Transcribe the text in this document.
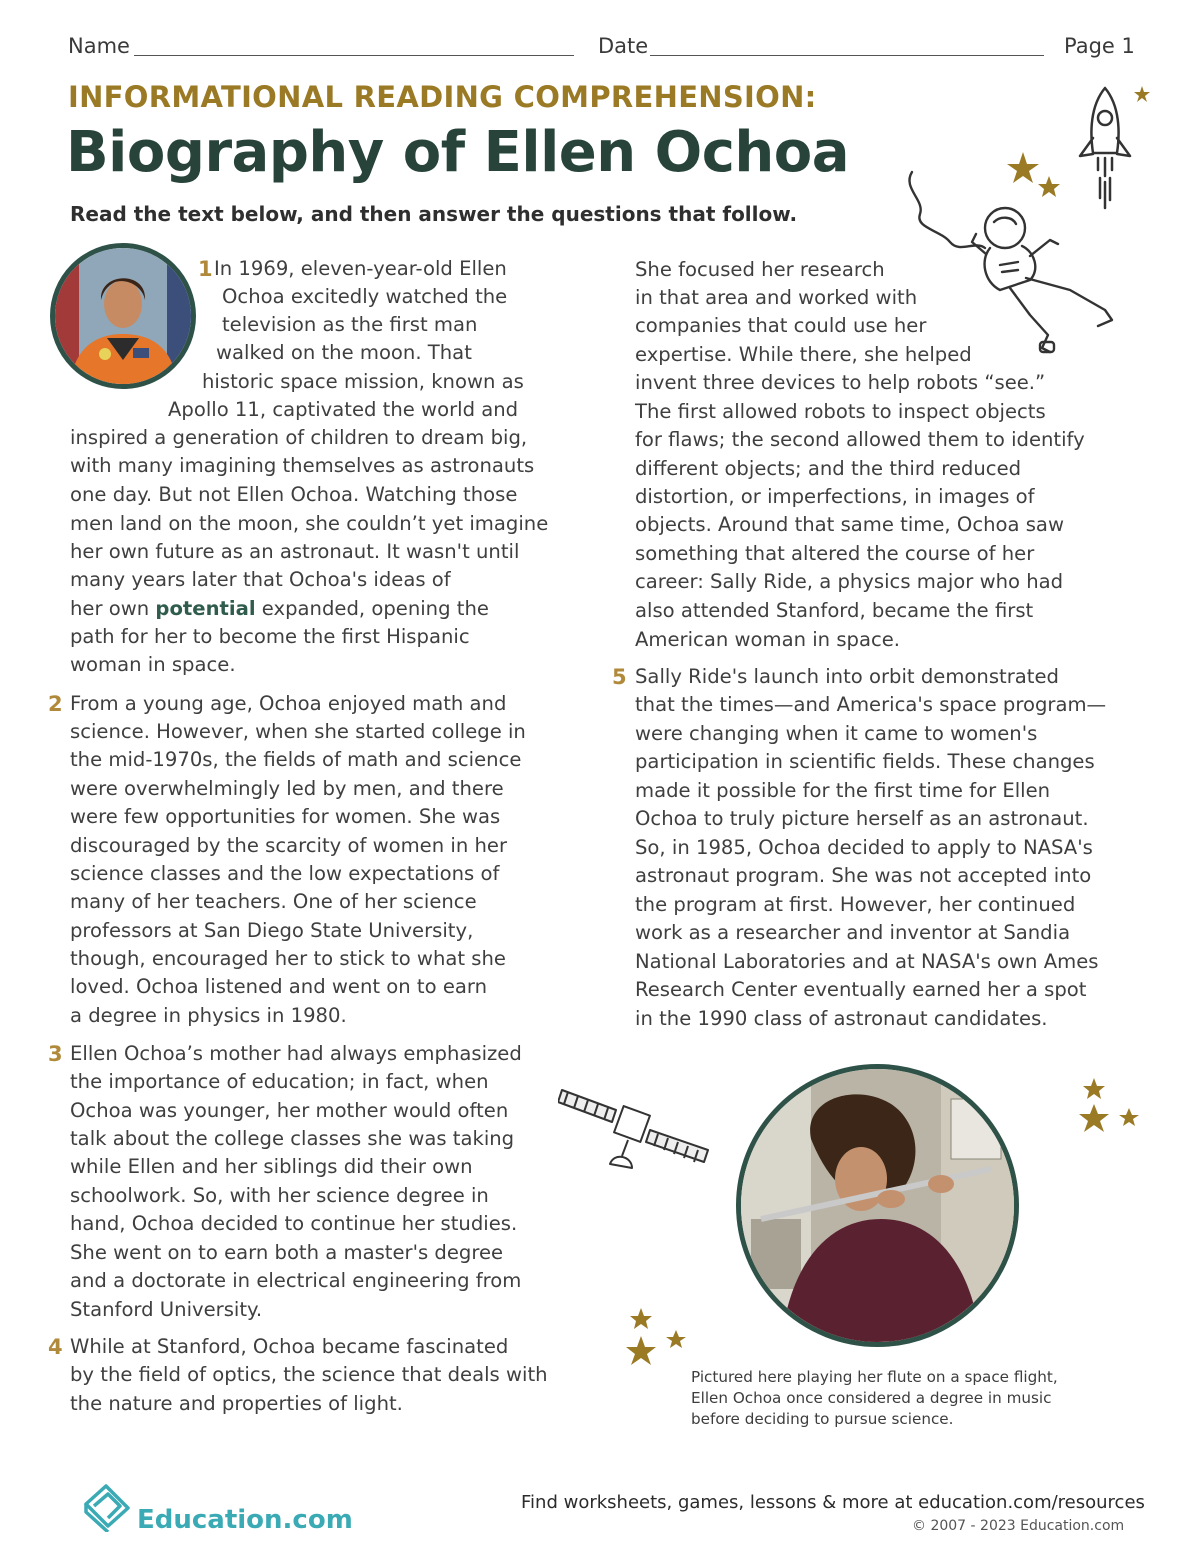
Name	Date	Page 1
INFORMATIONAL READING COMPREHENSION:
Biography of Ellen Ochoa
Read the text below, and then answer the questions that follow.
1 In 1969, eleven-year-old Ellen
Ochoa excitedly watched the
television as the first man
walked on the moon. That
historic space mission, known as
Apollo 11, captivated the world and
inspired a generation of children to dream big,
with many imagining themselves as astronauts
one day. But not Ellen Ochoa. Watching those
men land on the moon, she couldn’t yet imagine
her own future as an astronaut. It wasn't until
many years later that Ochoa's ideas of
her own potential expanded, opening the
path for her to become the first Hispanic
woman in space.
2 From a young age, Ochoa enjoyed math and
science. However, when she started college in
the mid-1970s, the fields of math and science
were overwhelmingly led by men, and there
were few opportunities for women. She was
discouraged by the scarcity of women in her
science classes and the low expectations of
many of her teachers. One of her science
professors at San Diego State University,
though, encouraged her to stick to what she
loved. Ochoa listened and went on to earn
a degree in physics in 1980.
3 Ellen Ochoa’s mother had always emphasized
the importance of education; in fact, when
Ochoa was younger, her mother would often
talk about the college classes she was taking
while Ellen and her siblings did their own
schoolwork. So, with her science degree in
hand, Ochoa decided to continue her studies.
She went on to earn both a master's degree
and a doctorate in electrical engineering from
Stanford University.
4 While at Stanford, Ochoa became fascinated
by the field of optics, the science that deals with
the nature and properties of light.
She focused her research
in that area and worked with
companies that could use her
expertise. While there, she helped
invent three devices to help robots “see.”
The first allowed robots to inspect objects
for flaws; the second allowed them to identify
different objects; and the third reduced
distortion, or imperfections, in images of
objects. Around that same time, Ochoa saw
something that altered the course of her
career: Sally Ride, a physics major who had
also attended Stanford, became the first
American woman in space.
5 Sally Ride's launch into orbit demonstrated
that the times—and America's space program—
were changing when it came to women's
participation in scientific fields. These changes
made it possible for the first time for Ellen
Ochoa to truly picture herself as an astronaut.
So, in 1985, Ochoa decided to apply to NASA's
astronaut program. She was not accepted into
the program at first. However, her continued
work as a researcher and inventor at Sandia
National Laboratories and at NASA's own Ames
Research Center eventually earned her a spot
in the 1990 class of astronaut candidates.
Pictured here playing her flute on a space flight,
Ellen Ochoa once considered a degree in music
before deciding to pursue science.
Education.com
Find worksheets, games, lessons & more at education.com/resources
© 2007 - 2023 Education.com
